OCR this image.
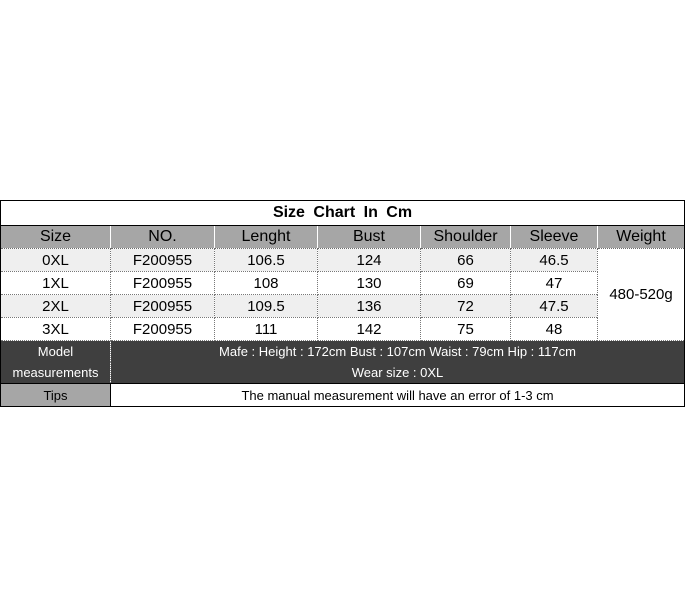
Size Chart In Cm						
Size	NO.	Lenght	Bust	Shoulder	Sleeve	Weight
0XL	F200955	106.5	124	66	46.5	480-520g
1XL	F200955	108	130	69	47	
2XL	F200955	109.5	136	72	47.5	
3XL	F200955	111	142	75	48	
Model	Mafe : Height : 172cm Bust : 107cm Waist : 79cm Hip : 117cm					
measurements	Wear size : 0XL					
Tips	The manual measurement will have an error of 1-3 cm					
